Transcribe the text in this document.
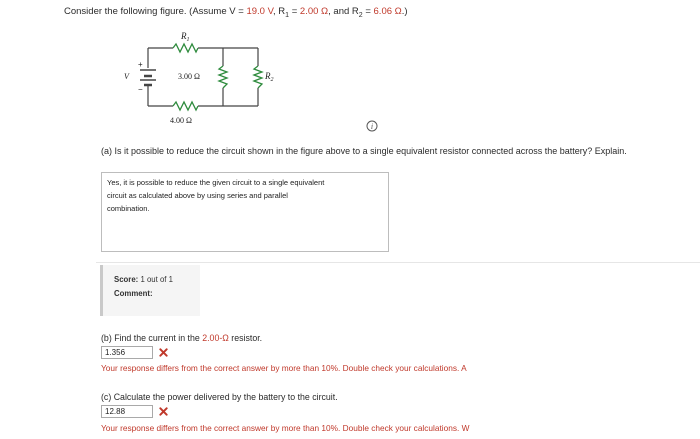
Consider the following figure. (Assume V = 19.0 V, $R_1 = 2.00$ Ω, and $R_2 = 6.06$ Ω.)
$R_1$
3.00 Ω	$R_2$
4.00 Ω
V
+
−
i
(a) Is it possible to reduce the circuit shown in the figure above to a single equivalent resistor connected across the battery? Explain.
Yes, it is possible to reduce the given circuit to a single equivalent
circuit as calculated above by using series and parallel
combination.
Score: 1 out of 1
Comment:
(b) Find the current in the 2.00-Ω resistor.
1.356
Your response differs from the correct answer by more than 10%. Double check your calculations. A
(c) Calculate the power delivered by the battery to the circuit.
12.88
Your response differs from the correct answer by more than 10%. Double check your calculations. W
